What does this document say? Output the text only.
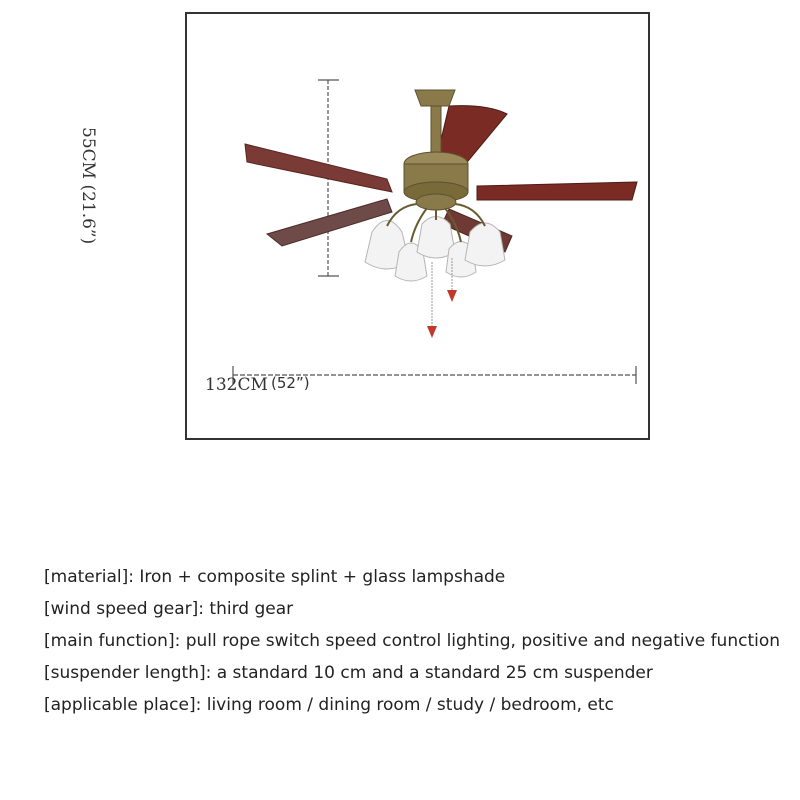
55CM (21.6”)
132CM (52”)
[material]: Iron + composite splint + glass lampshade
[wind speed gear]: third gear
[main function]: pull rope switch speed control lighting, positive and negative function
[suspender length]: a standard 10 cm and a standard 25 cm suspender
[applicable place]: living room / dining room / study / bedroom, etc
